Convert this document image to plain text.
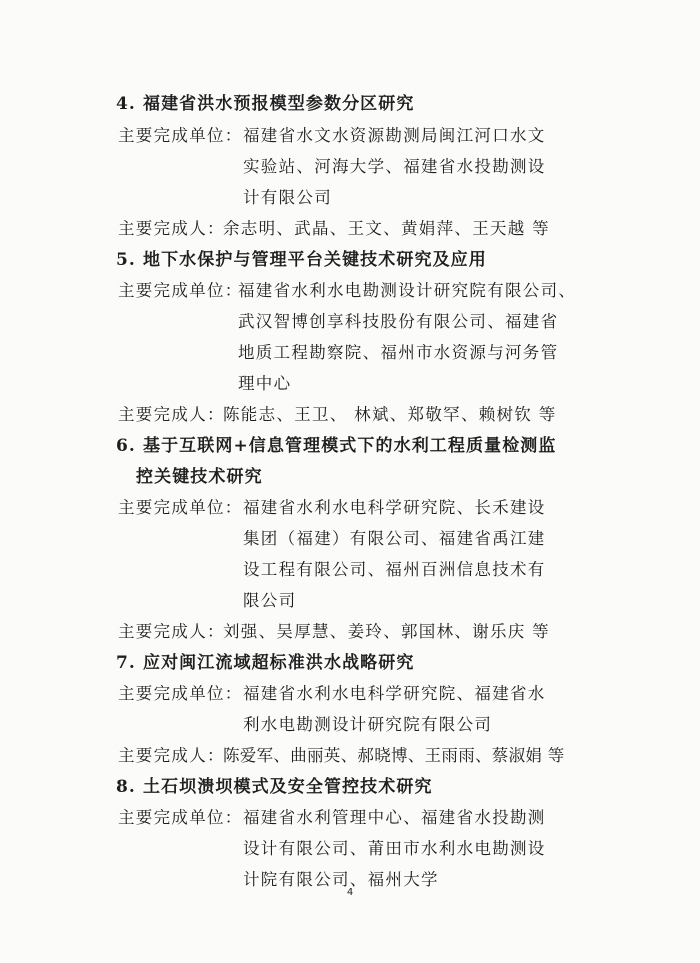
4. 福建省洪水预报模型参数分区研究
主要完成单位： 福建省水文水资源勘测局闽江河口水文
实验站、河海大学、福建省水投勘测设
计有限公司
主要完成人：
余志明、武晶、王文、黄娟萍、王天越 等
5. 地下水保护与管理平台关键技术研究及应用
主要完成单位：
福建省水利水电勘测设计研究院有限公司、
武汉智博创享科技股份有限公司、福建省
地质工程勘察院、福州市水资源与河务管
理中心
主要完成人：
陈能志、王卫、 林斌、郑敬罕、赖树钦 等
6. 基于互联网+信息管理模式下的水利工程质量检测监
控关键技术研究
主要完成单位： 福建省水利水电科学研究院、长禾建设
集团（福建）有限公司、福建省禹江建
设工程有限公司、福州百洲信息技术有
限公司
主要完成人：
刘强、吴厚慧、姜玲、郭国林、谢乐庆 等
7. 应对闽江流域超标准洪水战略研究
主要完成单位： 福建省水利水电科学研究院、福建省水
利水电勘测设计研究院有限公司
主要完成人：
陈爱军、曲丽英、郝晓博、王雨雨、蔡淑娟 等
8. 土石坝溃坝模式及安全管控技术研究
主要完成单位： 福建省水利管理中心、福建省水投勘测
设计有限公司、莆田市水利水电勘测设
计院有限公司、福州大学
4
